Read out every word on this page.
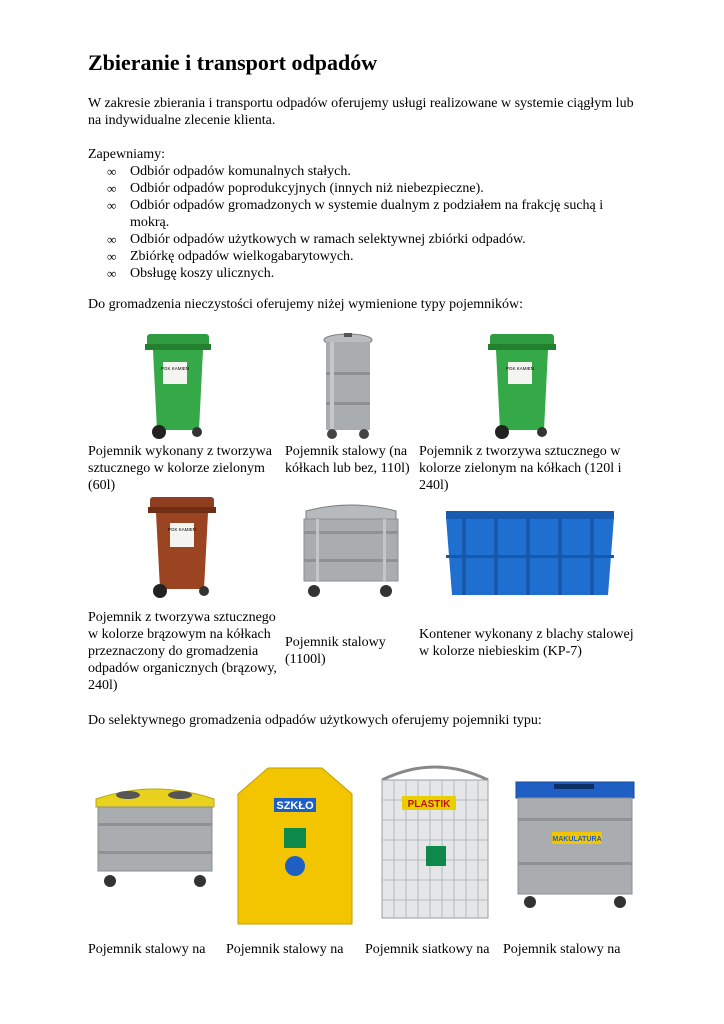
Zbieranie i transport odpadów

W zakresie zbierania i transportu odpadów oferujemy usługi realizowane w systemie ciągłym lub na indywidualne zlecenie klienta.

Zapewniamy:

∞ Odbiór odpadów komunalnych stałych.
∞ Odbiór odpadów poprodukcyjnych (innych niż niebezpieczne).
∞ Odbiór odpadów gromadzonych w systemie dualnym z podziałem na frakcję suchą i mokrą.
∞ Odbiór odpadów użytkowych w ramach selektywnej zbiórki odpadów.
∞ Zbiórkę odpadów wielkogabarytowych.
∞ Obsługę koszy ulicznych.

Do gromadzenia nieczystości oferujemy niżej wymienione typy pojemników:

PGK KAMIEŃ	PGK KAMIEŃ
Pojemnik wykonany z tworzywa sztucznego w kolorze zielonym (60l)
Pojemnik stalowy (na kółkach lub bez, 110l)
Pojemnik z tworzywa sztucznego w kolorze zielonym na kółkach (120l i 240l)
PGK KAMIEŃ
Pojemnik z tworzywa sztucznego w kolorze brązowym na kółkach przeznaczony do gromadzenia odpadów organicznych (brązowy, 240l)
Pojemnik stalowy (1100l)
Kontener wykonany z blachy stalowej w kolorze niebieskim (KP-7)

Do selektywnego gromadzenia odpadów użytkowych oferujemy pojemniki typu:

SZKŁO	PLASTIK
MAKULATURA
Pojemnik stalowy na Pojemnik stalowy na Pojemnik siatkowy na Pojemnik stalowy na
